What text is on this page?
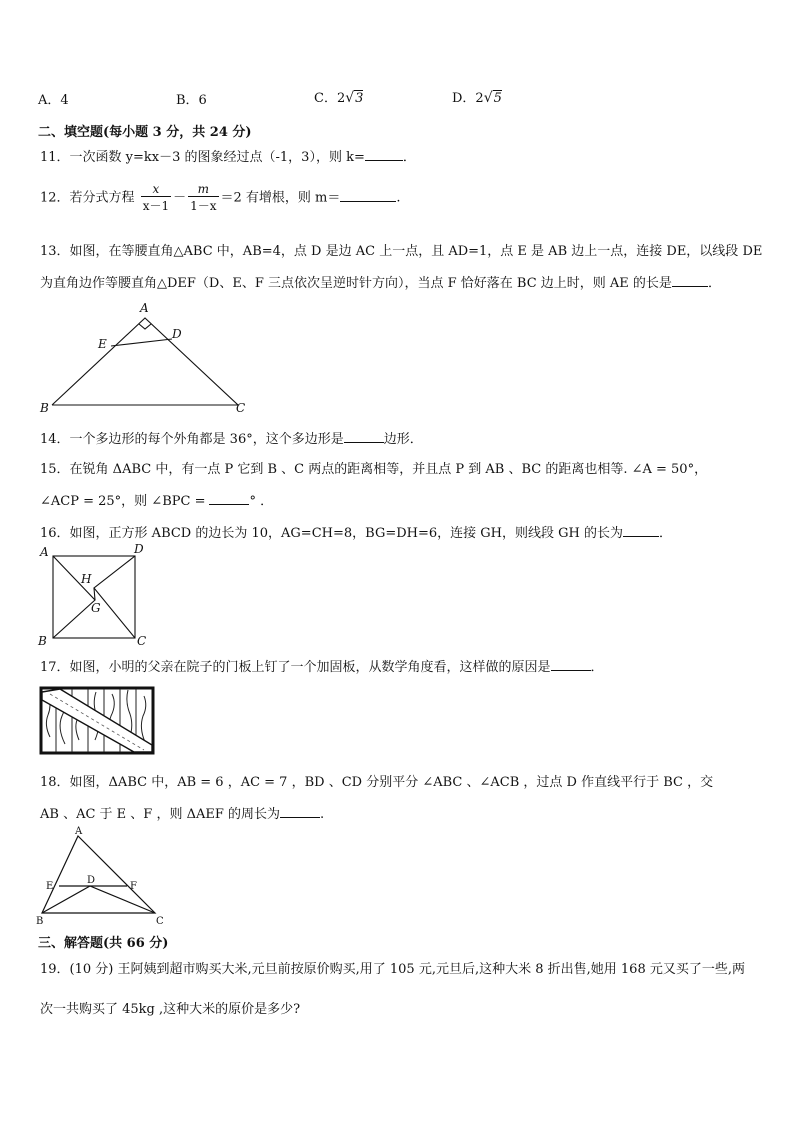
A．4	B．6	C．2√3	D．2√5
二、填空题(每小题 3 分，共 24 分)
11．一次函数 y=kx－3 的图象经过点（-1，3），则 k=	．
12．若分式方程 $\frac{x}{x-1} - \frac{m}{1-x} =2$ 有增根，则 m＝	.
13．如图，在等腰直角△ABC 中，AB=4，点 D 是边 AC 上一点，且 AD=1，点 E 是 AB 边上一点，连接 DE，以线段 DE
为直角边作等腰直角△DEF（D、E、F 三点依次呈逆时针方向），当点 F 恰好落在 BC 边上时，则 AE 的长是	．
A
B	C
D
E
14．一个多边形的每个外角都是 36°，这个多边形是	边形．
15．在锐角 ΔABC 中，有一点 P 它到 B 、C 两点的距离相等，并且点 P 到 AB 、BC 的距离也相等. ∠A = 50°，
∠ACP = 25°，则 ∠BPC =	° ．
16．如图，正方形 ABCD 的边长为 10，AG=CH=8，BG=DH=6，连接 GH，则线段 GH 的长为	．
A
B	C
D
G
H
17．如图，小明的父亲在院子的门板上钉了一个加固板，从数学角度看，这样做的原因是	．
18．如图，ΔABC 中，AB = 6 ，AC = 7 ，BD 、CD 分别平分 ∠ABC 、∠ACB ，过点 D 作直线平行于 BC ，交
AB 、AC 于 E 、F ，则 ΔAEF 的周长为	.
A
B	C
D
E	F
三、解答题(共 66 分)
19．(10 分) 王阿姨到超市购买大米,元旦前按原价购买,用了 105 元,元旦后,这种大米 8 折出售,她用 168 元又买了一些,两
次一共购买了 45kg ,这种大米的原价是多少?
